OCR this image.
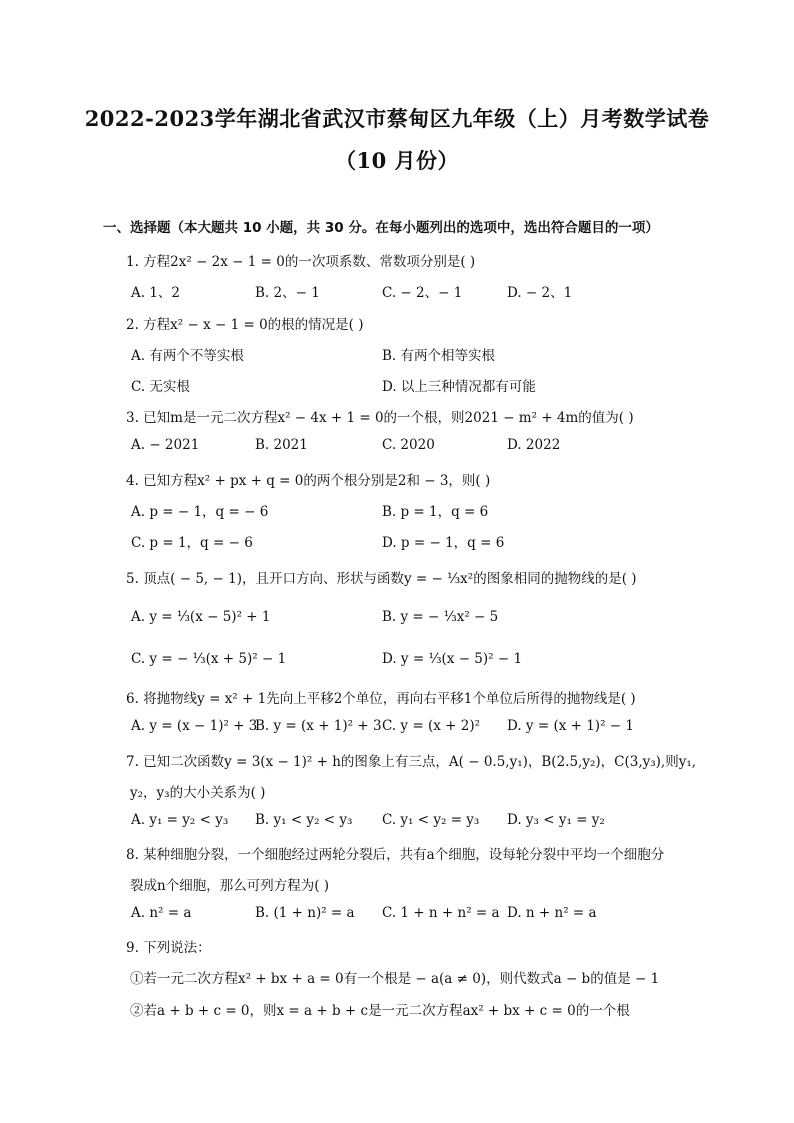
2022-2023学年湖北省武汉市蔡甸区九年级（上）月考数学试卷
（10 月份）
一、选择题（本大题共 10 小题，共 30 分。在每小题列出的选项中，选出符合题目的一项）
1. 方程2x² − 2x − 1 = 0的一次项系数、常数项分别是( )
A. 1、2	B. 2、− 1	C. − 2、− 1	D. − 2、1
2. 方程x² − x − 1 = 0的根的情况是( )
A. 有两个不等实根	B. 有两个相等实根
C. 无实根	D. 以上三种情况都有可能
3. 已知m是一元二次方程x² − 4x + 1 = 0的一个根，则2021 − m² + 4m的值为( )
A. − 2021	B. 2021	C. 2020	D. 2022
4. 已知方程x² + px + q = 0的两个根分别是2和 − 3，则( )
A. p = − 1，q = − 6	B. p = 1，q = 6
C. p = 1，q = − 6	D. p = − 1，q = 6
5. 顶点( − 5, − 1)，且开口方向、形状与函数y = − ⅓x²的图象相同的抛物线的是( )
A. y = ⅓(x − 5)² + 1	B. y = − ⅓x² − 5
C. y = − ⅓(x + 5)² − 1	D. y = ⅓(x − 5)² − 1
6. 将抛物线y = x² + 1先向上平移2个单位，再向右平移1个单位后所得的抛物线是( )
A. y = (x − 1)² + 3
B. y = (x + 1)² + 3 C. y = (x + 2)² D. y = (x + 1)² − 1
7. 已知二次函数y = 3(x − 1)² + h的图象上有三点，A( − 0.5,y₁)，B(2.5,y₂)，C(3,y₃),则y₁,
y₂，y₃的大小关系为( )
A. y₁ = y₂ < y₃ B. y₁ < y₂ < y₃ C. y₁ < y₂ = y₃ D. y₃ < y₁ = y₂
8. 某种细胞分裂，一个细胞经过两轮分裂后，共有a个细胞，设每轮分裂中平均一个细胞分
裂成n个细胞，那么可列方程为( )
A. n² = a	B. (1 + n)² = a C. 1 + n + n² = a D. n + n² = a
9. 下列说法：
①若一元二次方程x² + bx + a = 0有一个根是 − a(a ≠ 0)，则代数式a − b的值是 − 1
②若a + b + c = 0，则x = a + b + c是一元二次方程ax² + bx + c = 0的一个根
